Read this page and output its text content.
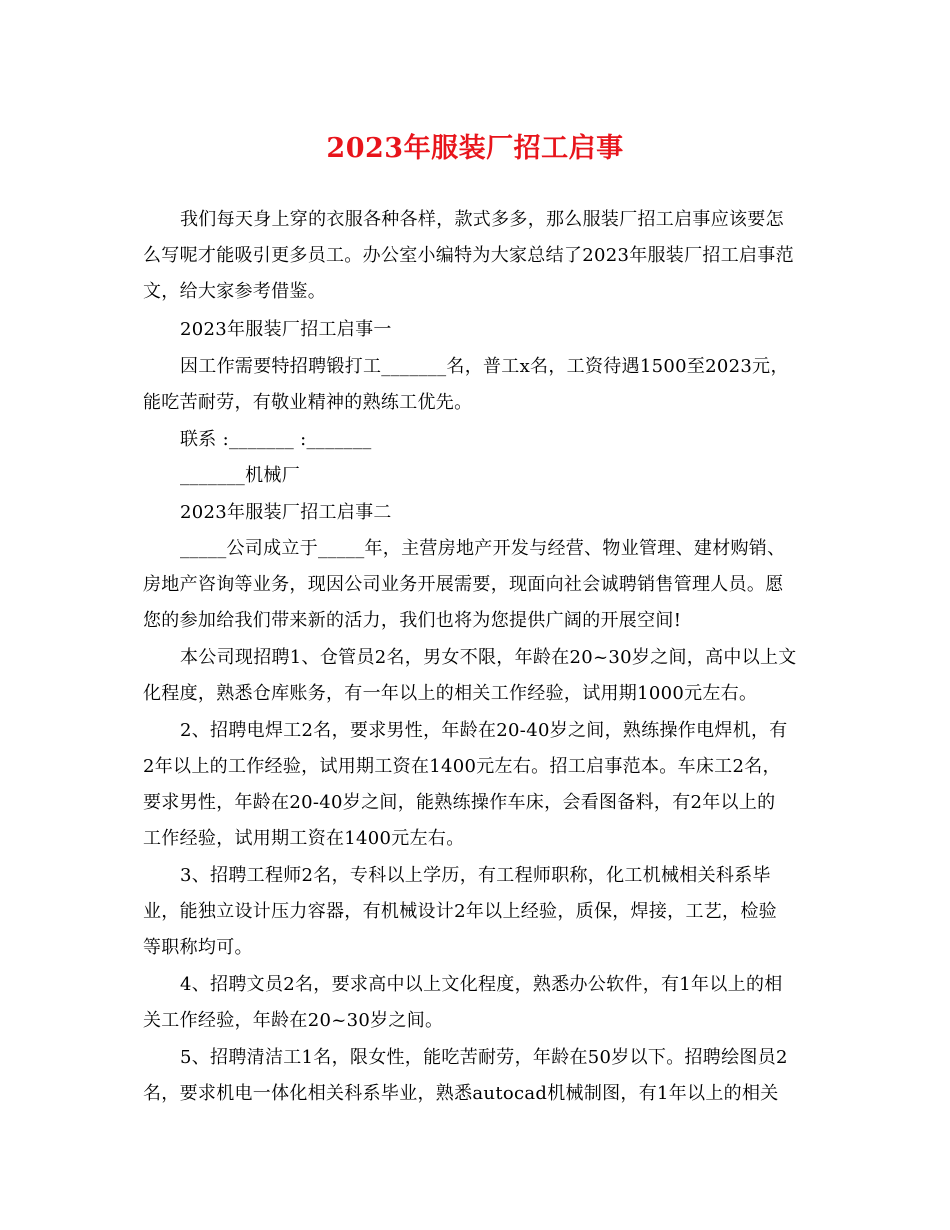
2023年服装厂招工启事
我们每天身上穿的衣服各种各样，款式多多，那么服装厂招工启事应该要怎
么写呢才能吸引更多员工。办公室小编特为大家总结了2023年服装厂招工启事范
文，给大家参考借鉴。
2023年服装厂招工启事一
因工作需要特招聘锻打工_______名，普工x名，工资待遇1500至2023元，
能吃苦耐劳，有敬业精神的熟练工优先。
联系 :_______ :_______
_______机械厂
2023年服装厂招工启事二
_____公司成立于_____年，主营房地产开发与经营、物业管理、建材购销、
房地产咨询等业务，现因公司业务开展需要，现面向社会诚聘销售管理人员。愿
您的参加给我们带来新的活力，我们也将为您提供广阔的开展空间!
本公司现招聘1、仓管员2名，男女不限，年龄在20~30岁之间，高中以上文
化程度，熟悉仓库账务，有一年以上的相关工作经验，试用期1000元左右。
2、招聘电焊工2名，要求男性，年龄在20-40岁之间，熟练操作电焊机，有
2年以上的工作经验，试用期工资在1400元左右。招工启事范本。车床工2名，
要求男性，年龄在20-40岁之间，能熟练操作车床，会看图备料，有2年以上的
工作经验，试用期工资在1400元左右。
3、招聘工程师2名，专科以上学历，有工程师职称，化工机械相关科系毕
业，能独立设计压力容器，有机械设计2年以上经验，质保，焊接，工艺，检验
等职称均可。
4、招聘文员2名，要求高中以上文化程度，熟悉办公软件，有1年以上的相
关工作经验，年龄在20~30岁之间。
5、招聘清洁工1名，限女性，能吃苦耐劳，年龄在50岁以下。招聘绘图员2
名，要求机电一体化相关科系毕业，熟悉autocad机械制图，有1年以上的相关
